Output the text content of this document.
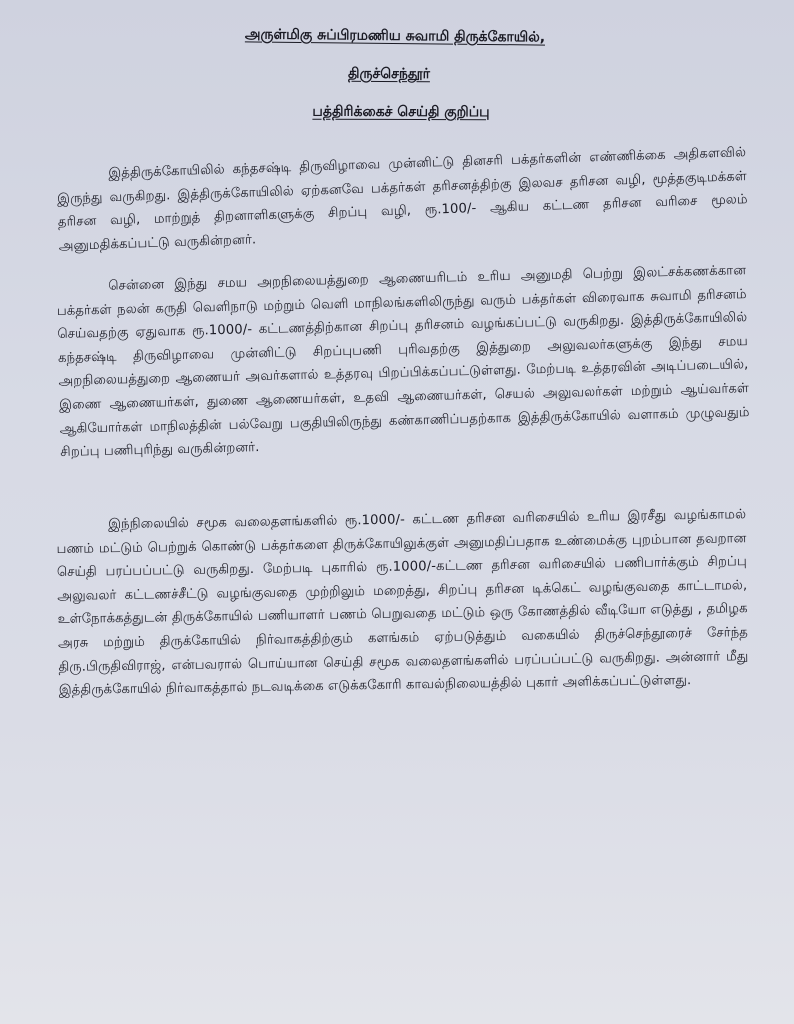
அருள்மிகு சுப்பிரமணிய சுவாமி திருக்கோயில்,
திருச்செந்தூர்
பத்திரிக்கைச் செய்தி குறிப்பு

இத்திருக்கோயிலில் கந்தசஷ்டி திருவிழாவை முன்னிட்டு தினசரி பக்தர்களின் எண்ணிக்கை அதிகளவில் இருந்து வருகிறது. இத்திருக்கோயிலில் ஏற்கனவே பக்தர்கள் தரிசனத்திற்கு இலவச தரிசன வழி, மூத்தகுடிமக்கள் தரிசன வழி, மாற்றுத் திறனாளிகளுக்கு சிறப்பு வழி, ரூ.100/- ஆகிய கட்டண தரிசன வரிசை மூலம் அனுமதிக்கப்பட்டு வருகின்றனர்.

சென்னை இந்து சமய அறநிலையத்துறை ஆணையரிடம் உரிய அனுமதி பெற்று இலட்சக்கணக்கான பக்தர்கள் நலன் கருதி வெளிநாடு மற்றும் வெளி மாநிலங்களிலிருந்து வரும் பக்தர்கள் விரைவாக சுவாமி தரிசனம் செய்வதற்கு ஏதுவாக ரூ.1000/- கட்டணத்திற்கான சிறப்பு தரிசனம் வழங்கப்பட்டு வருகிறது. இத்திருக்கோயிலில் கந்தசஷ்டி திருவிழாவை முன்னிட்டு சிறப்புபணி புரிவதற்கு இத்துறை அலுவலர்களுக்கு இந்து சமய அறநிலையத்துறை ஆணையர் அவர்களால் உத்தரவு பிறப்பிக்கப்பட்டுள்ளது. மேற்படி உத்தரவின் அடிப்படையில், இணை ஆணையர்கள், துணை ஆணையர்கள், உதவி ஆணையர்கள், செயல் அலுவலர்கள் மற்றும் ஆய்வர்கள் ஆகியோர்கள் மாநிலத்தின் பல்வேறு பகுதியிலிருந்து கண்காணிப்பதற்காக இத்திருக்கோயில் வளாகம் முழுவதும் சிறப்பு பணிபுரிந்து வருகின்றனர்.

இந்நிலையில் சமூக வலைதளங்களில் ரூ.1000/- கட்டண தரிசன வரிசையில் உரிய இரசீது வழங்காமல் பணம் மட்டும் பெற்றுக் கொண்டு பக்தர்களை திருக்கோயிலுக்குள் அனுமதிப்பதாக உண்மைக்கு புறம்பான தவறான செய்தி பரப்பப்பட்டு வருகிறது. மேற்படி புகாரில் ரூ.1000/-கட்டண தரிசன வரிசையில் பணிபார்க்கும் சிறப்பு அலுவலர் கட்டணச்சீட்டு வழங்குவதை முற்றிலும் மறைத்து, சிறப்பு தரிசன டிக்கெட் வழங்குவதை காட்டாமல், உள்நோக்கத்துடன் திருக்கோயில் பணியாளர் பணம் பெறுவதை மட்டும் ஒரு கோணத்தில் வீடியோ எடுத்து , தமிழக அரசு மற்றும் திருக்கோயில் நிர்வாகத்திற்கும் களங்கம் ஏற்படுத்தும் வகையில் திருச்செந்தூரைச் சேர்ந்த திரு.பிருதிவிராஜ், என்பவரால் பொய்யான செய்தி சமூக வலைதளங்களில் பரப்பப்பட்டு வருகிறது. அன்னார் மீது இத்திருக்கோயில் நிர்வாகத்தால் நடவடிக்கை எடுக்ககோரி காவல்நிலையத்தில் புகார் அளிக்கப்பட்டுள்ளது.
